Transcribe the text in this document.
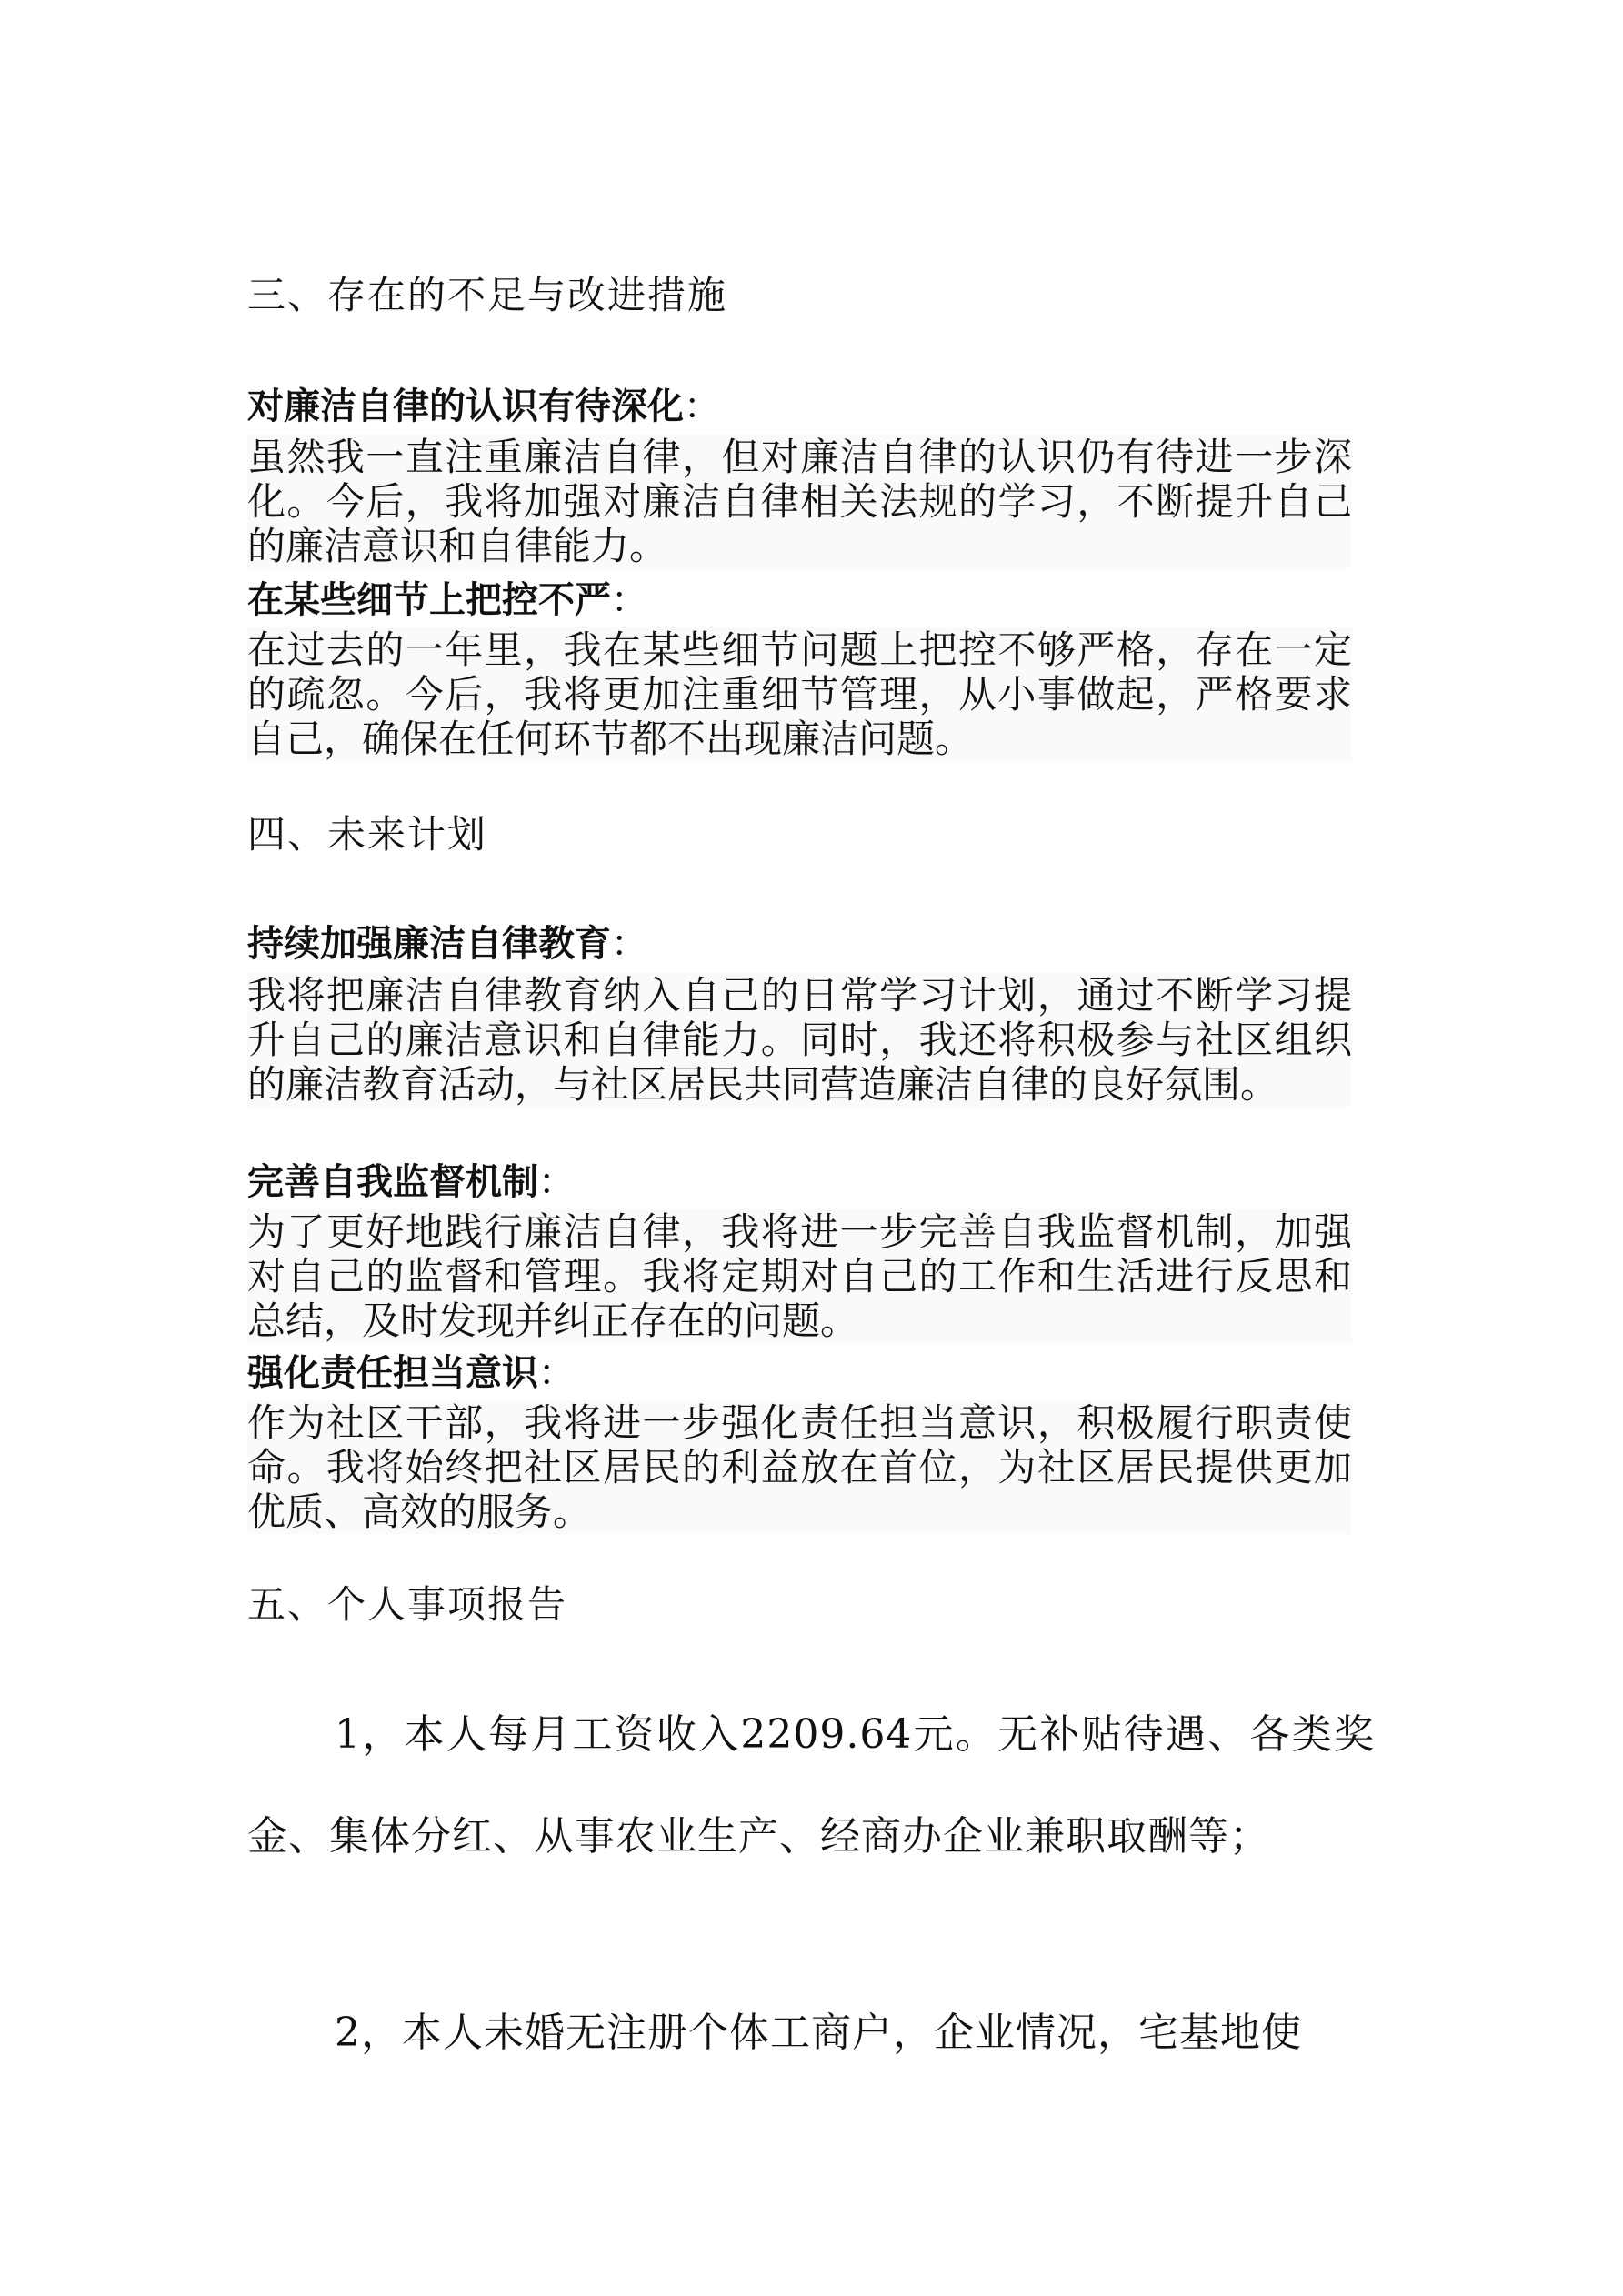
三、存在的不足与改进措施
对廉洁自律的认识有待深化：

虽然我一直注重廉洁自律，但对廉洁自律的认识仍有待进一步深化。今后，我将加强对廉洁自律相关法规的学习，不断提升自己的廉洁意识和自律能力。

在某些细节上把控不严：

在过去的一年里，我在某些细节问题上把控不够严格，存在一定的疏忽。今后，我将更加注重细节管理，从小事做起，严格要求自己，确保在任何环节都不出现廉洁问题。

四、未来计划
持续加强廉洁自律教育：

我将把廉洁自律教育纳入自己的日常学习计划，通过不断学习提升自己的廉洁意识和自律能力。同时，我还将积极参与社区组织的廉洁教育活动，与社区居民共同营造廉洁自律的良好氛围。

完善自我监督机制：

为了更好地践行廉洁自律，我将进一步完善自我监督机制，加强对自己的监督和管理。我将定期对自己的工作和生活进行反思和总结，及时发现并纠正存在的问题。

强化责任担当意识：

作为社区干部，我将进一步强化责任担当意识，积极履行职责使命。我将始终把社区居民的利益放在首位，为社区居民提供更加优质、高效的服务。

五、个人事项报告

1，本人每月工资收入2209.64元。无补贴待遇、各类奖金、集体分红、从事农业生产、经商办企业兼职取酬等；

2，本人未婚无注册个体工商户，企业情况，宅基地使
